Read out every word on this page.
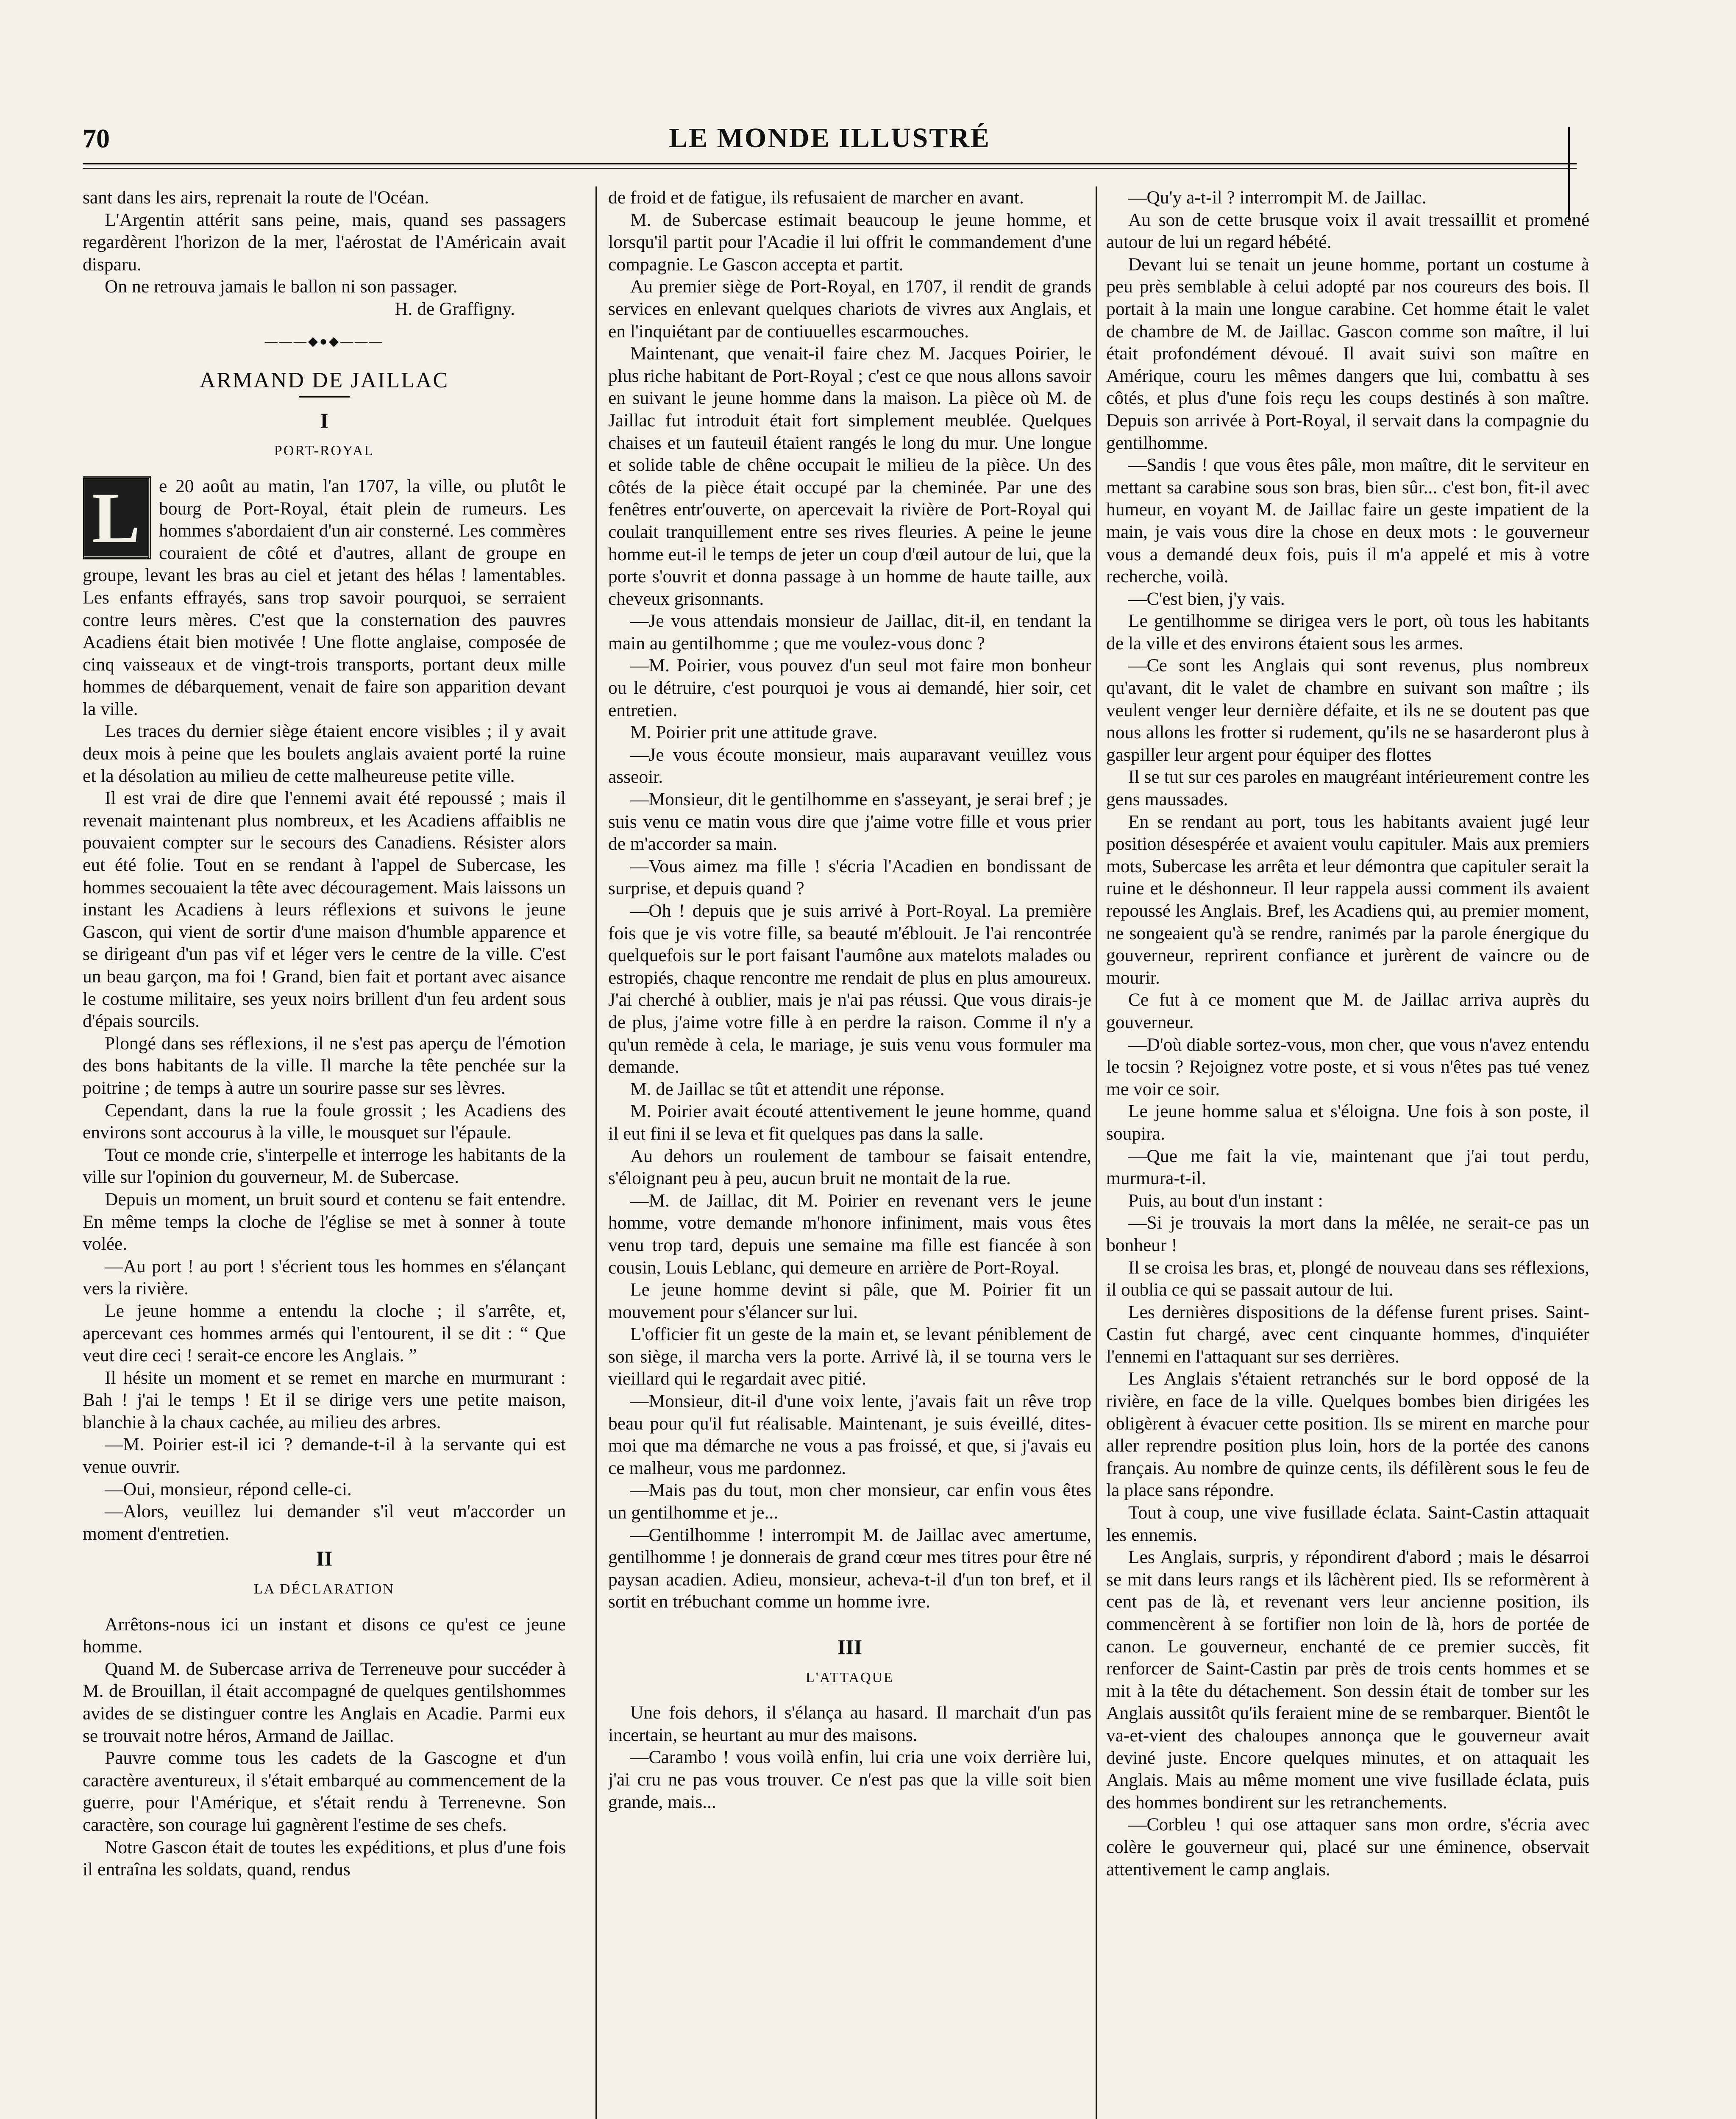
70	LE MONDE ILLUSTRÉ

sant dans les airs, reprenait la route de l'Océan.

L'Argentin attérit sans peine, mais, quand ses passagers regardèrent l'horizon de la mer, l'aérostat de l'Américain avait disparu.

On ne retrouva jamais le ballon ni son passager.

H. de Graffigny.

———◆●◆———
ARMAND DE JAILLAC
I
PORT-ROYAL
L	e 20 août au matin, l'an 1707, la ville, ou plutôt le bourg de Port-Royal, était plein de rumeurs. Les hommes s'abordaient d'un air consterné. Les commères couraient de côté et d'autres, allant de groupe en groupe, levant les bras au ciel et jetant des hélas ! lamentables. Les enfants effrayés, sans trop savoir pourquoi, se serraient contre leurs mères. C'est que la consternation des pauvres Acadiens était bien motivée ! Une flotte anglaise, composée de cinq vaisseaux et de vingt-trois transports, portant deux mille hommes de débarquement, venait de faire son apparition devant la ville.

Les traces du dernier siège étaient encore visibles ; il y avait deux mois à peine que les boulets anglais avaient porté la ruine et la désolation au milieu de cette malheureuse petite ville.

Il est vrai de dire que l'ennemi avait été repoussé ; mais il revenait maintenant plus nombreux, et les Acadiens affaiblis ne pouvaient compter sur le secours des Canadiens. Résister alors eut été folie. Tout en se rendant à l'appel de Subercase, les hommes secouaient la tête avec découragement. Mais laissons un instant les Acadiens à leurs réflexions et suivons le jeune Gascon, qui vient de sortir d'une maison d'humble apparence et se dirigeant d'un pas vif et léger vers le centre de la ville. C'est un beau garçon, ma foi ! Grand, bien fait et portant avec aisance le costume militaire, ses yeux noirs brillent d'un feu ardent sous d'épais sourcils.

Plongé dans ses réflexions, il ne s'est pas aperçu de l'émotion des bons habitants de la ville. Il marche la tête penchée sur la poitrine ; de temps à autre un sourire passe sur ses lèvres.

Cependant, dans la rue la foule grossit ; les Acadiens des environs sont accourus à la ville, le mousquet sur l'épaule.

Tout ce monde crie, s'interpelle et interroge les habitants de la ville sur l'opinion du gouverneur, M. de Subercase.

Depuis un moment, un bruit sourd et contenu se fait entendre. En même temps la cloche de l'église se met à sonner à toute volée.

—Au port ! au port ! s'écrient tous les hommes en s'élançant vers la rivière.

Le jeune homme a entendu la cloche ; il s'arrête, et, apercevant ces hommes armés qui l'entourent, il se dit : “ Que veut dire ceci ! serait-ce encore les Anglais. ”

Il hésite un moment et se remet en marche en murmurant : Bah ! j'ai le temps ! Et il se dirige vers une petite maison, blanchie à la chaux cachée, au milieu des arbres.

—M. Poirier est-il ici ? demande-t-il à la servante qui est venue ouvrir.

—Oui, monsieur, répond celle-ci.

—Alors, veuillez lui demander s'il veut m'accorder un moment d'entretien.

II
LA DÉCLARATION

Arrêtons-nous ici un instant et disons ce qu'est ce jeune homme.

Quand M. de Subercase arriva de Terreneuve pour succéder à M. de Brouillan, il était accompagné de quelques gentilshommes avides de se distinguer contre les Anglais en Acadie. Parmi eux se trouvait notre héros, Armand de Jaillac.

Pauvre comme tous les cadets de la Gascogne et d'un caractère aventureux, il s'était embarqué au commencement de la guerre, pour l'Amérique, et s'était rendu à Terrenevne. Son caractère, son courage lui gagnèrent l'estime de ses chefs.

Notre Gascon était de toutes les expéditions, et plus d'une fois il entraîna les soldats, quand, rendus

de froid et de fatigue, ils refusaient de marcher en avant.

M. de Subercase estimait beaucoup le jeune homme, et lorsqu'il partit pour l'Acadie il lui offrit le commandement d'une compagnie. Le Gascon accepta et partit.

Au premier siège de Port-Royal, en 1707, il rendit de grands services en enlevant quelques chariots de vivres aux Anglais, et en l'inquiétant par de contiuuelles escarmouches.

Maintenant, que venait-il faire chez M. Jacques Poirier, le plus riche habitant de Port-Royal ; c'est ce que nous allons savoir en suivant le jeune homme dans la maison. La pièce où M. de Jaillac fut introduit était fort simplement meublée. Quelques chaises et un fauteuil étaient rangés le long du mur. Une longue et solide table de chêne occupait le milieu de la pièce. Un des côtés de la pièce était occupé par la cheminée. Par une des fenêtres entr'ouverte, on apercevait la rivière de Port-Royal qui coulait tranquillement entre ses rives fleuries. A peine le jeune homme eut-il le temps de jeter un coup d'œil autour de lui, que la porte s'ouvrit et donna passage à un homme de haute taille, aux cheveux grisonnants.

—Je vous attendais monsieur de Jaillac, dit-il, en tendant la main au gentilhomme ; que me voulez-vous donc ?

—M. Poirier, vous pouvez d'un seul mot faire mon bonheur ou le détruire, c'est pourquoi je vous ai demandé, hier soir, cet entretien.

M. Poirier prit une attitude grave.

—Je vous écoute monsieur, mais auparavant veuillez vous asseoir.

—Monsieur, dit le gentilhomme en s'asseyant, je serai bref ; je suis venu ce matin vous dire que j'aime votre fille et vous prier de m'accorder sa main.

—Vous aimez ma fille ! s'écria l'Acadien en bondissant de surprise, et depuis quand ?

—Oh ! depuis que je suis arrivé à Port-Royal. La première fois que je vis votre fille, sa beauté m'éblouit. Je l'ai rencontrée quelquefois sur le port faisant l'aumône aux matelots malades ou estropiés, chaque rencontre me rendait de plus en plus amoureux. J'ai cherché à oublier, mais je n'ai pas réussi. Que vous dirais-je de plus, j'aime votre fille à en perdre la raison. Comme il n'y a qu'un remède à cela, le mariage, je suis venu vous formuler ma demande.

M. de Jaillac se tût et attendit une réponse.

M. Poirier avait écouté attentivement le jeune homme, quand il eut fini il se leva et fit quelques pas dans la salle.

Au dehors un roulement de tambour se faisait entendre, s'éloignant peu à peu, aucun bruit ne montait de la rue.

—M. de Jaillac, dit M. Poirier en revenant vers le jeune homme, votre demande m'honore infiniment, mais vous êtes venu trop tard, depuis une semaine ma fille est fiancée à son cousin, Louis Leblanc, qui demeure en arrière de Port-Royal.

Le jeune homme devint si pâle, que M. Poirier fit un mouvement pour s'élancer sur lui.

L'officier fit un geste de la main et, se levant péniblement de son siège, il marcha vers la porte. Arrivé là, il se tourna vers le vieillard qui le regardait avec pitié.

—Monsieur, dit-il d'une voix lente, j'avais fait un rêve trop beau pour qu'il fut réalisable. Maintenant, je suis éveillé, dites-moi que ma démarche ne vous a pas froissé, et que, si j'avais eu ce malheur, vous me pardonnez.

—Mais pas du tout, mon cher monsieur, car enfin vous êtes un gentilhomme et je...

—Gentilhomme ! interrompit M. de Jaillac avec amertume, gentilhomme ! je donnerais de grand cœur mes titres pour être né paysan acadien. Adieu, monsieur, acheva-t-il d'un ton bref, et il sortit en trébuchant comme un homme ivre.

III
L'ATTAQUE

Une fois dehors, il s'élança au hasard. Il marchait d'un pas incertain, se heurtant au mur des maisons.

—Carambo ! vous voilà enfin, lui cria une voix derrière lui, j'ai cru ne pas vous trouver. Ce n'est pas que la ville soit bien grande, mais...

—Qu'y a-t-il ? interrompit M. de Jaillac.

Au son de cette brusque voix il avait tressaillit et promené autour de lui un regard hébété.

Devant lui se tenait un jeune homme, portant un costume à peu près semblable à celui adopté par nos coureurs des bois. Il portait à la main une longue carabine. Cet homme était le valet de chambre de M. de Jaillac. Gascon comme son maître, il lui était profondément dévoué. Il avait suivi son maître en Amérique, couru les mêmes dangers que lui, combattu à ses côtés, et plus d'une fois reçu les coups destinés à son maître. Depuis son arrivée à Port-Royal, il servait dans la compagnie du gentilhomme.

—Sandis ! que vous êtes pâle, mon maître, dit le serviteur en mettant sa carabine sous son bras, bien sûr... c'est bon, fit-il avec humeur, en voyant M. de Jaillac faire un geste impatient de la main, je vais vous dire la chose en deux mots : le gouverneur vous a demandé deux fois, puis il m'a appelé et mis à votre recherche, voilà.

—C'est bien, j'y vais.

Le gentilhomme se dirigea vers le port, où tous les habitants de la ville et des environs étaient sous les armes.

—Ce sont les Anglais qui sont revenus, plus nombreux qu'avant, dit le valet de chambre en suivant son maître ; ils veulent venger leur dernière défaite, et ils ne se doutent pas que nous allons les frotter si rudement, qu'ils ne se hasarderont plus à gaspiller leur argent pour équiper des flottes

Il se tut sur ces paroles en maugréant intérieurement contre les gens maussades.

En se rendant au port, tous les habitants avaient jugé leur position désespérée et avaient voulu capituler. Mais aux premiers mots, Subercase les arrêta et leur démontra que capituler serait la ruine et le déshonneur. Il leur rappela aussi comment ils avaient repoussé les Anglais. Bref, les Acadiens qui, au premier moment, ne songeaient qu'à se rendre, ranimés par la parole énergique du gouverneur, reprirent confiance et jurèrent de vaincre ou de mourir.

Ce fut à ce moment que M. de Jaillac arriva auprès du gouverneur.

—D'où diable sortez-vous, mon cher, que vous n'avez entendu le tocsin ? Rejoignez votre poste, et si vous n'êtes pas tué venez me voir ce soir.

Le jeune homme salua et s'éloigna. Une fois à son poste, il soupira.

—Que me fait la vie, maintenant que j'ai tout perdu, murmura-t-il.

Puis, au bout d'un instant :

—Si je trouvais la mort dans la mêlée, ne serait-ce pas un bonheur !

Il se croisa les bras, et, plongé de nouveau dans ses réflexions, il oublia ce qui se passait autour de lui.

Les dernières dispositions de la défense furent prises. Saint-Castin fut chargé, avec cent cinquante hommes, d'inquiéter l'ennemi en l'attaquant sur ses derrières.

Les Anglais s'étaient retranchés sur le bord opposé de la rivière, en face de la ville. Quelques bombes bien dirigées les obligèrent à évacuer cette position. Ils se mirent en marche pour aller reprendre position plus loin, hors de la portée des canons français. Au nombre de quinze cents, ils défilèrent sous le feu de la place sans répondre.

Tout à coup, une vive fusillade éclata. Saint-Castin attaquait les ennemis.

Les Anglais, surpris, y répondirent d'abord ; mais le désarroi se mit dans leurs rangs et ils lâchèrent pied. Ils se reformèrent à cent pas de là, et revenant vers leur ancienne position, ils commencèrent à se fortifier non loin de là, hors de portée de canon. Le gouverneur, enchanté de ce premier succès, fit renforcer de Saint-Castin par près de trois cents hommes et se mit à la tête du détachement. Son dessin était de tomber sur les Anglais aussitôt qu'ils feraient mine de se rembarquer. Bientôt le va-et-vient des chaloupes annonça que le gouverneur avait deviné juste. Encore quelques minutes, et on attaquait les Anglais. Mais au même moment une vive fusillade éclata, puis des hommes bondirent sur les retranchements.

—Corbleu ! qui ose attaquer sans mon ordre, s'écria avec colère le gouverneur qui, placé sur une éminence, observait attentivement le camp anglais.
